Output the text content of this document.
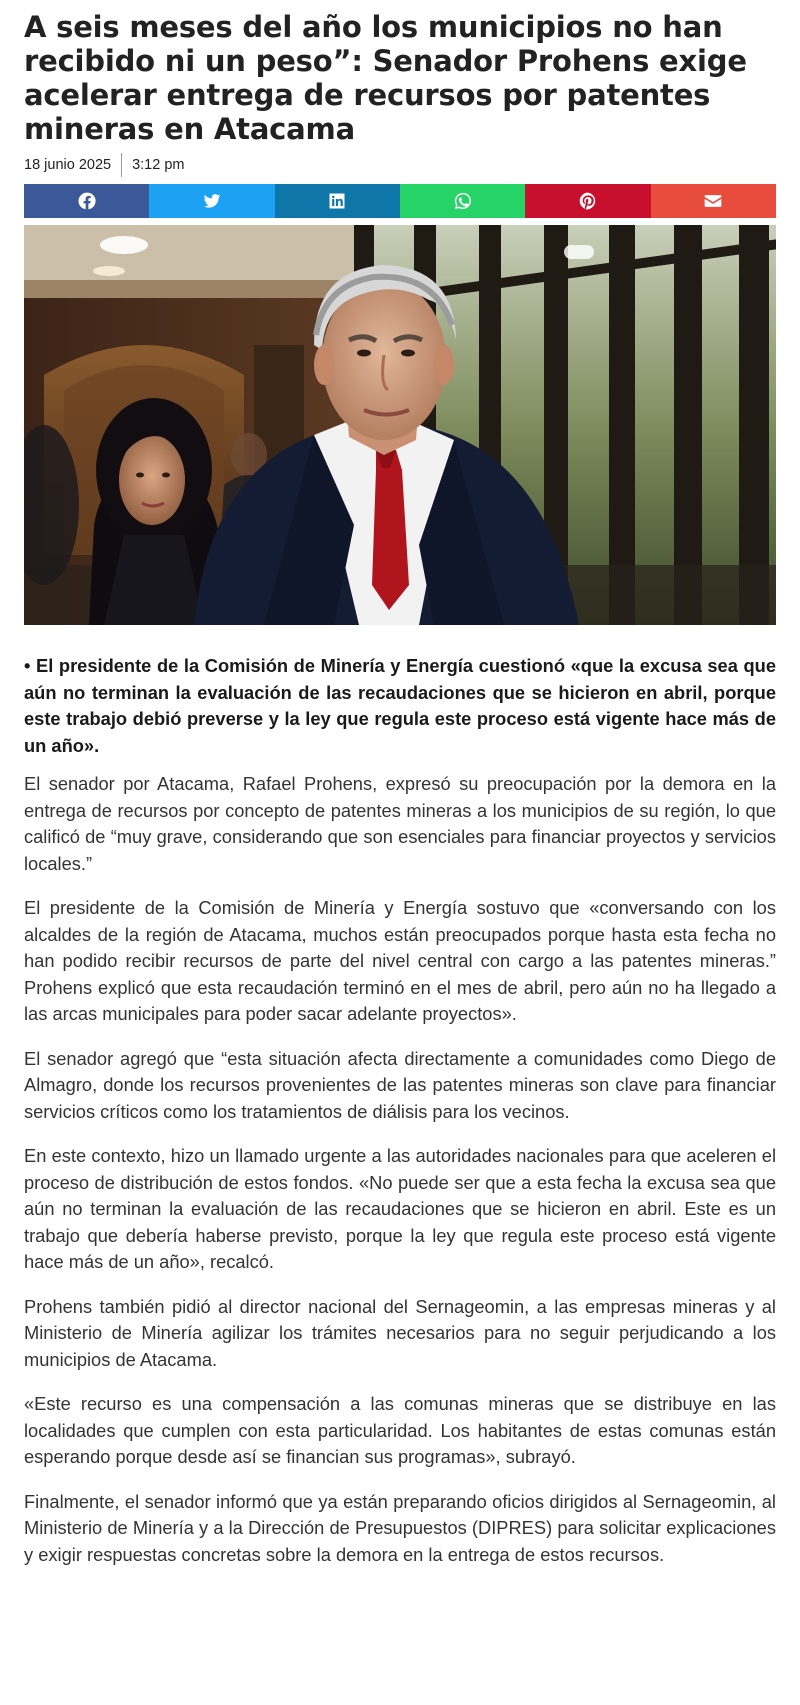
A seis meses del año los municipios no han recibido ni un peso”: Senador Prohens exige acelerar entrega de recursos por patentes mineras en Atacama
18 junio 2025 3:12 pm

• El presidente de la Comisión de Minería y Energía cuestionó «que la excusa sea que aún no terminan la evaluación de las recaudaciones que se hicieron en abril, porque este trabajo debió preverse y la ley que regula este proceso está vigente hace más de un año».

El senador por Atacama, Rafael Prohens, expresó su preocupación por la demora en la entrega de recursos por concepto de patentes mineras a los municipios de su región, lo que calificó de “muy grave, considerando que son esenciales para financiar proyectos y servicios locales.”

El presidente de la Comisión de Minería y Energía sostuvo que «conversando con los alcaldes de la región de Atacama, muchos están preocupados porque hasta esta fecha no han podido recibir recursos de parte del nivel central con cargo a las patentes mineras.” Prohens explicó que esta recaudación terminó en el mes de abril, pero aún no ha llegado a las arcas municipales para poder sacar adelante proyectos».

El senador agregó que “esta situación afecta directamente a comunidades como Diego de Almagro, donde los recursos provenientes de las patentes mineras son clave para financiar servicios críticos como los tratamientos de diálisis para los vecinos.

En este contexto, hizo un llamado urgente a las autoridades nacionales para que aceleren el proceso de distribución de estos fondos. «No puede ser que a esta fecha la excusa sea que aún no terminan la evaluación de las recaudaciones que se hicieron en abril. Este es un trabajo que debería haberse previsto, porque la ley que regula este proceso está vigente hace más de un año», recalcó.

Prohens también pidió al director nacional del Sernageomin, a las empresas mineras y al Ministerio de Minería agilizar los trámites necesarios para no seguir perjudicando a los municipios de Atacama.

«Este recurso es una compensación a las comunas mineras que se distribuye en las localidades que cumplen con esta particularidad. Los habitantes de estas comunas están esperando porque desde así se financian sus programas», subrayó.

Finalmente, el senador informó que ya están preparando oficios dirigidos al Sernageomin, al Ministerio de Minería y a la Dirección de Presupuestos (DIPRES) para solicitar explicaciones y exigir respuestas concretas sobre la demora en la entrega de estos recursos.
